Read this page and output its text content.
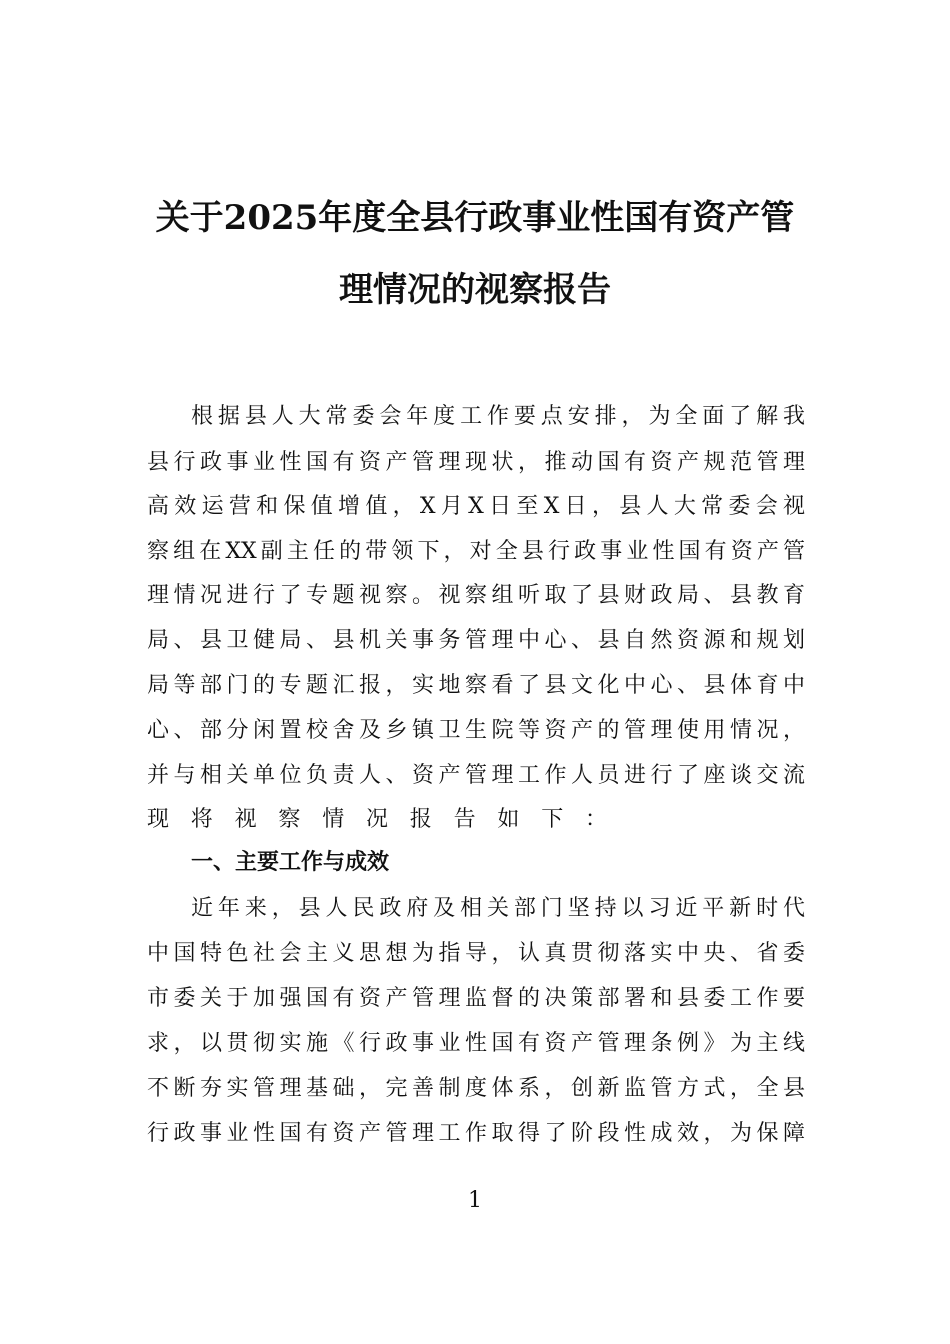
关于2025年度全县行政事业性国有资产管
理情况的视察报告
根据县人大常委会年度工作要点安排，为全面了解我
县行政事业性国有资产管理现状，推动国有资产规范管理
高效运营和保值增值，X月X日至X日，县人大常委会视
察组在XX副主任的带领下，对全县行政事业性国有资产管
理情况进行了专题视察。视察组听取了县财政局、县教育
局、县卫健局、县机关事务管理中心、县自然资源和规划
局等部门的专题汇报，实地察看了县文化中心、县体育中
心、部分闲置校舍及乡镇卫生院等资产的管理使用情况，
并与相关单位负责人、资产管理工作人员进行了座谈交流
现将视察情况报告如下：
一、主要工作与成效
近年来，县人民政府及相关部门坚持以习近平新时代
中国特色社会主义思想为指导，认真贯彻落实中央、省委
市委关于加强国有资产管理监督的决策部署和县委工作要
求，以贯彻实施《行政事业性国有资产管理条例》为主线
不断夯实管理基础，完善制度体系，创新监管方式，全县
行政事业性国有资产管理工作取得了阶段性成效，为保障
1
